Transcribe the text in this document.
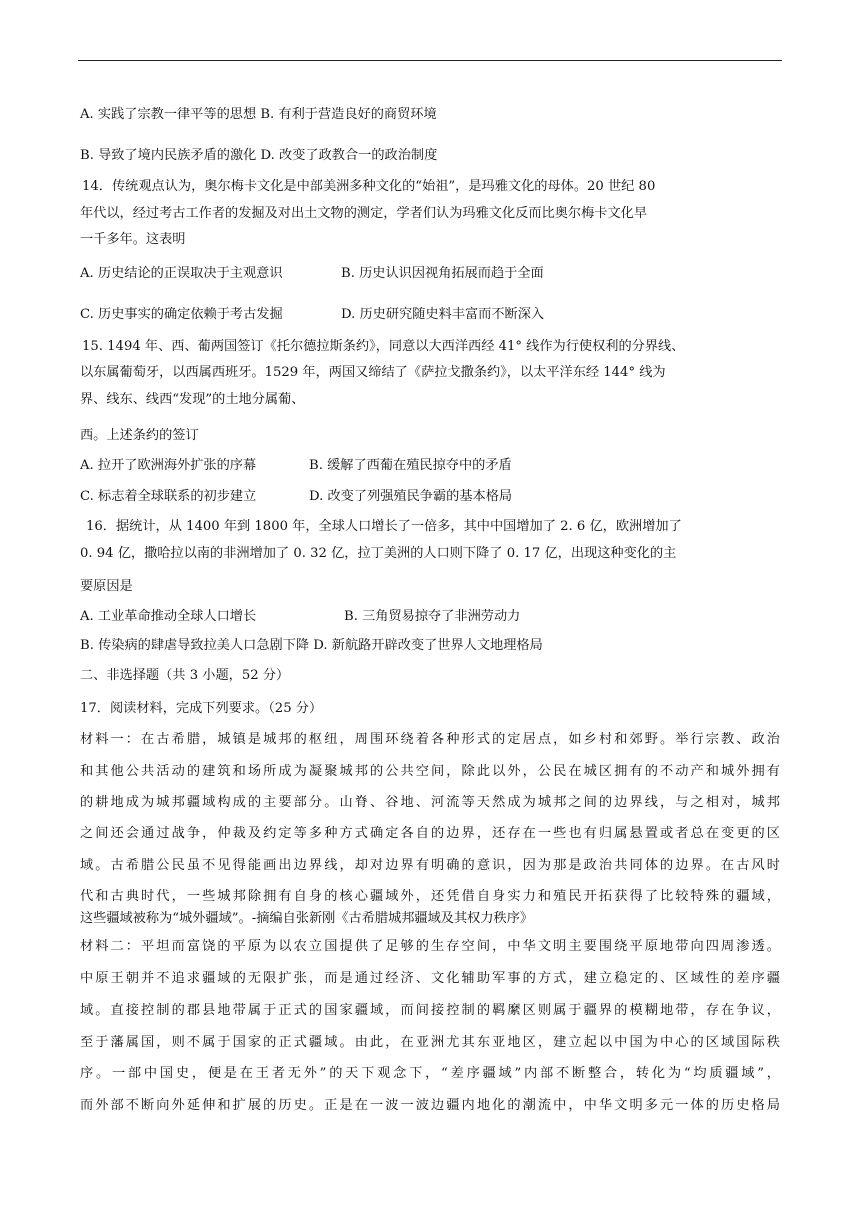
A. 实践了宗教一律平等的思想 B. 有利于营造良好的商贸环境
B. 导致了境内民族矛盾的激化 D. 改变了政教合一的政治制度
14．传统观点认为，奥尔梅卡文化是中部美洲多种文化的“始祖”，是玛雅文化的母体。20 世纪 80
年代以，经过考古工作者的发掘及对出土文物的测定，学者们认为玛雅文化反而比奥尔梅卡文化早
一千多年。这表明
A. 历史结论的正误取决于主观意识	B. 历史认识因视角拓展而趋于全面
C. 历史事实的确定依赖于考古发掘	D. 历史研究随史料丰富而不断深入
15. 1494 年、西、葡两国签订《托尔德拉斯条约》，同意以大西洋西经 41° 线作为行使权利的分界线、
以东属葡萄牙，以西属西班牙。1529 年，两国又缔结了《萨拉戈撒条约》，以太平洋东经 144° 线为
界、线东、线西“发现”的土地分属葡、
西。上述条约的签订
A. 拉开了欧洲海外扩张的序幕	B. 缓解了西葡在殖民掠夺中的矛盾
C. 标志着全球联系的初步建立	D. 改变了列强殖民争霸的基本格局
16．据统计，从 1400 年到 1800 年，全球人口增长了一倍多，其中中国增加了 2. 6 亿，欧洲增加了
0. 94 亿，撒哈拉以南的非洲增加了 0. 32 亿，拉丁美洲的人口则下降了 0. 17 亿，出现这种变化的主
要原因是
A. 工业革命推动全球人口增长	B. 三角贸易掠夺了非洲劳动力
B. 传染病的肆虐导致拉美人口急剧下降 D. 新航路开辟改变了世界人文地理格局
二、非选择题（共 3 小题，52 分）
17．阅读材料，完成下列要求。（25 分）
材料一：在古希腊，城镇是城邦的枢纽，周围环绕着各种形式的定居点，如乡村和郊野。举行宗教、政治
和其他公共活动的建筑和场所成为凝聚城邦的公共空间，除此以外，公民在城区拥有的不动产和城外拥有
的耕地成为城邦疆域构成的主要部分。山脊、谷地、河流等天然成为城邦之间的边界线，与之相对，城邦
之间还会通过战争，仲裁及约定等多种方式确定各自的边界，还存在一些也有归属悬置或者总在变更的区
域。古希腊公民虽不见得能画出边界线，却对边界有明确的意识，因为那是政治共同体的边界。在古风时
代和古典时代，一些城邦除拥有自身的核心疆域外，还凭借自身实力和殖民开拓获得了比较特殊的疆域，
这些疆域被称为“城外疆域”。-摘编自张新刚《古希腊城邦疆域及其权力秩序》
材料二：平坦而富饶的平原为以农立国提供了足够的生存空间，中华文明主要围绕平原地带向四周渗透。
中原王朝并不追求疆域的无限扩张，而是通过经济、文化辅助军事的方式，建立稳定的、区域性的差序疆
域。直接控制的郡县地带属于正式的国家疆域，而间接控制的羁縻区则属于疆界的模糊地带，存在争议，
至于藩属国，则不属于国家的正式疆域。由此，在亚洲尤其东亚地区，建立起以中国为中心的区域国际秩
序。一部中国史，便是在王者无外”的天下观念下，“差序疆域”内部不断整合，转化为“均质疆域”，
而外部不断向外延伸和扩展的历史。正是在一波一波边疆内地化的潮流中，中华文明多元一体的历史格局
